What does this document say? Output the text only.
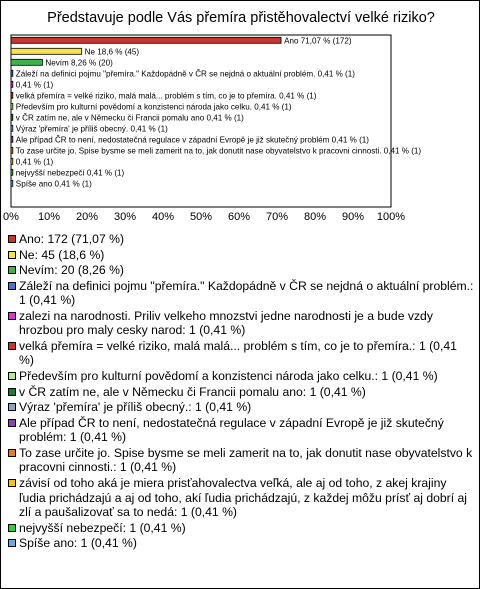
Představuje podle Vás přemíra přistěhovalectví velké riziko?
Ano 71,07 % (172)
Ne 18,6 % (45)
Nevím 8,26 % (20)
Záleží na definici pojmu "přemíra." Každopádně v ČR se nejdná o aktuální problém. 0,41 % (1)
0,41 % (1)
velká přemíra = velké riziko, malá malá... problém s tím, co je to přemíra. 0,41 % (1)
Především pro kulturní povědomí a konzistenci národa jako celku. 0,41 % (1)
v ČR zatím ne, ale v Německu či Francii pomalu ano 0,41 % (1)
Výraz 'přemíra' je příliš obecný. 0,41 % (1)
Ale případ ČR to není, nedostatečná regulace v západní Evropě je již skutečný problém 0,41 % (1)
To zase určite jo. Spise bysme se meli zamerit na to, jak donutit nase obyvatelstvo k pracovni cinnosti. 0,41 % (1)
0,41 % (1)
nejvyšší nebezpečí 0,41 % (1)
Spíše ano 0,41 % (1)
0% 10% 20% 30% 40% 50% 60% 70% 80% 90% 100%
Ano: 172 (71,07 %)
Ne: 45 (18,6 %)
Nevím: 20 (8,26 %)
Záleží na definici pojmu "přemíra." Každopádně v ČR se nejdná o aktuální problém.: 1 (0,41 %)
zalezi na narodnosti. Priliv velkeho mnozstvi jedne narodnosti je a bude vzdy hrozbou pro maly cesky narod: 1 (0,41 %)
velká přemíra = velké riziko, malá malá... problém s tím, co je to přemíra.: 1 (0,41 %)
Především pro kulturní povědomí a konzistenci národa jako celku.: 1 (0,41 %)
v ČR zatím ne, ale v Německu či Francii pomalu ano: 1 (0,41 %)
Výraz 'přemíra' je příliš obecný.: 1 (0,41 %)
Ale případ ČR to není, nedostatečná regulace v západní Evropě je již skutečný problém: 1 (0,41 %)
To zase určite jo. Spise bysme se meli zamerit na to, jak donutit nase obyvatelstvo k pracovni cinnosti.: 1 (0,41 %)
závisí od toho aká je miera prisťahovalectva veľká, ale aj od toho, z akej krajiny ľudia prichádzajú a aj od toho, akí ľudia prichádzajú, z každej môžu prísť aj dobrí aj zlí a paušalizovať sa to nedá: 1 (0,41 %)
nejvyšší nebezpečí: 1 (0,41 %)
Spíše ano: 1 (0,41 %)
